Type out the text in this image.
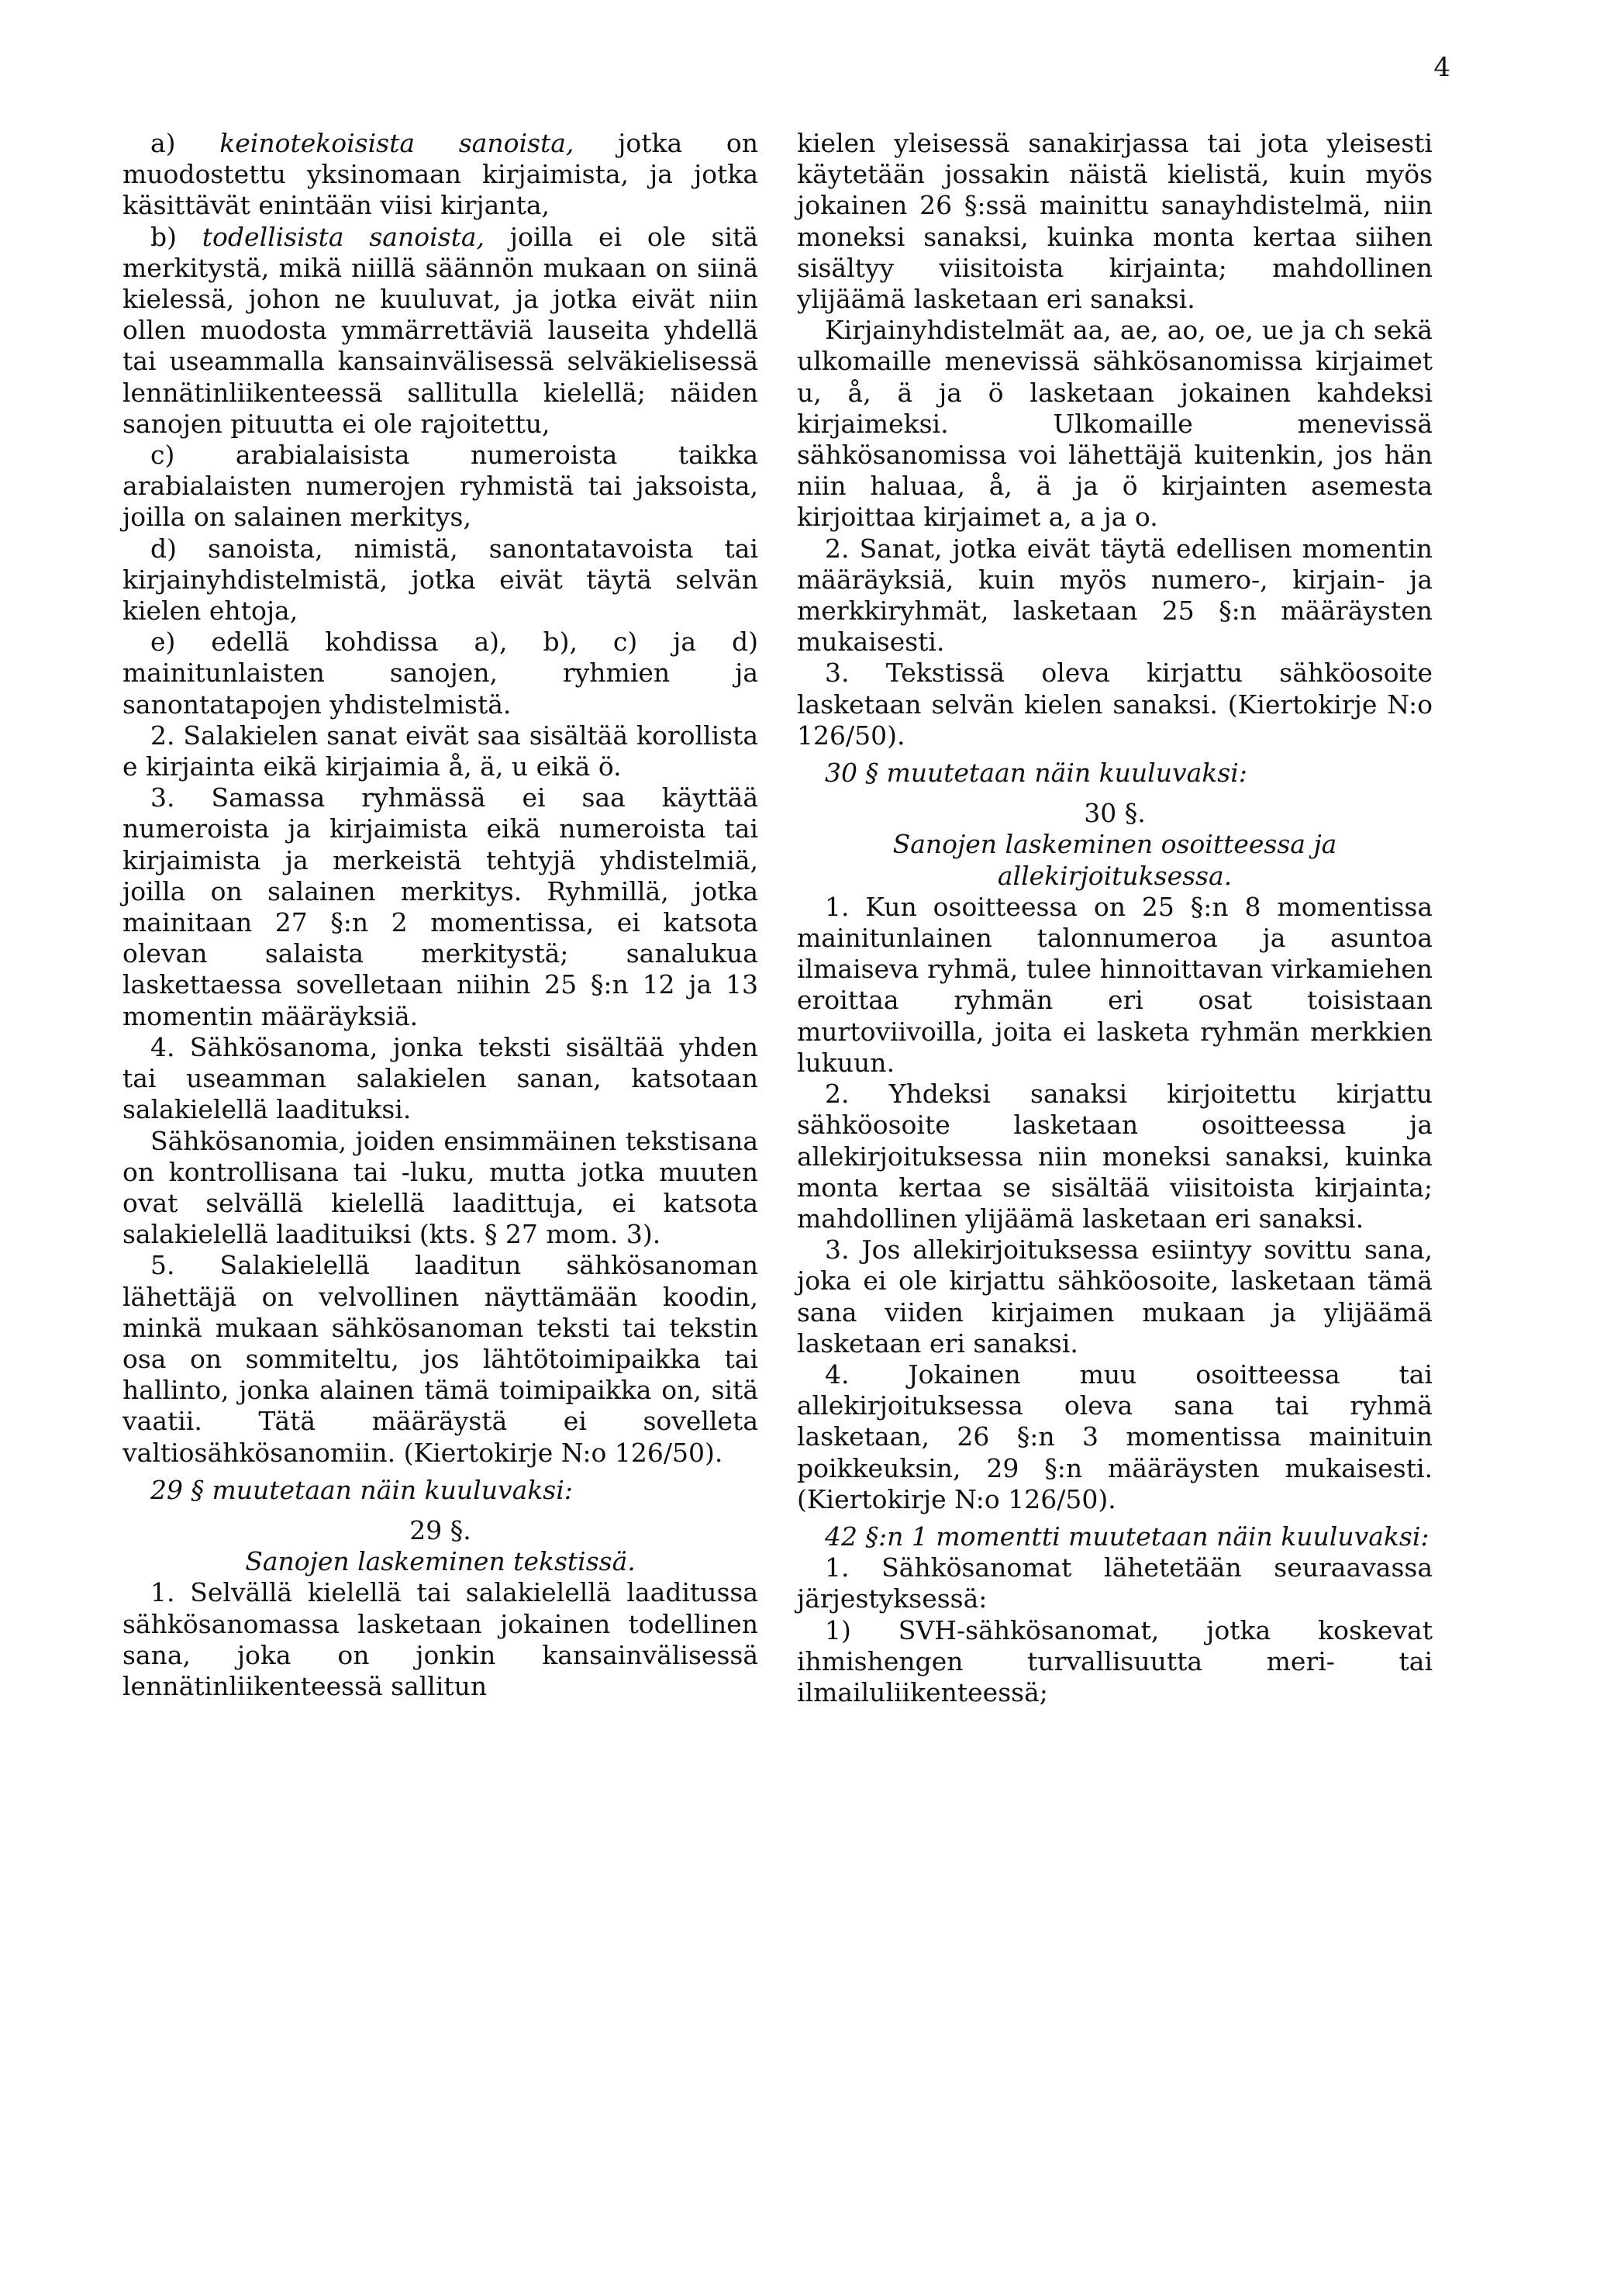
4

a) keinotekoisista sanoista, jotka on muodostettu yksinomaan kirjaimista, ja jotka käsittävät enintään viisi kirjanta,

b) todellisista sanoista, joilla ei ole sitä merkitystä, mikä niillä säännön mukaan on siinä kielessä, johon ne kuuluvat, ja jotka eivät niin ollen muodosta ymmärrettäviä lauseita yhdellä tai useammalla kansainvälisessä selväkielisessä lennätinliikenteessä sallitulla kielellä; näiden sanojen pituutta ei ole rajoitettu,

c) arabialaisista numeroista taikka arabialaisten numerojen ryhmistä tai jaksoista, joilla on salainen merkitys,

d) sanoista, nimistä, sanontatavoista tai kirjainyhdistelmistä, jotka eivät täytä selvän kielen ehtoja,

e) edellä kohdissa a), b), c) ja d) mainitunlaisten sanojen, ryhmien ja sanontatapojen yhdistelmistä.

2. Salakielen sanat eivät saa sisältää korollista e kirjainta eikä kirjaimia å, ä, u eikä ö.

3. Samassa ryhmässä ei saa käyttää numeroista ja kirjaimista eikä numeroista tai kirjaimista ja merkeistä tehtyjä yhdistelmiä, joilla on salainen merkitys. Ryhmillä, jotka mainitaan 27 §:n 2 momentissa, ei katsota olevan salaista merkitystä; sanalukua laskettaessa sovelletaan niihin 25 §:n 12 ja 13 momentin määräyksiä.

4. Sähkösanoma, jonka teksti sisältää yhden tai useamman salakielen sanan, katsotaan salakielellä laadituksi.

Sähkösanomia, joiden ensimmäinen tekstisana on kontrollisana tai -luku, mutta jotka muuten ovat selvällä kielellä laadittuja, ei katsota salakielellä laadituiksi (kts. § 27 mom. 3).

5. Salakielellä laaditun sähkösanoman lähettäjä on velvollinen näyttämään koodin, minkä mukaan sähkösanoman teksti tai tekstin osa on sommiteltu, jos lähtötoimipaikka tai hallinto, jonka alainen tämä toimipaikka on, sitä vaatii. Tätä määräystä ei sovelleta valtiosähkösanomiin. (Kiertokirje N:o 126/50).

29 § muutetaan näin kuuluvaksi:

29 §.

Sanojen laskeminen tekstissä.

1. Selvällä kielellä tai salakielellä laaditussa sähkösanomassa lasketaan jokainen todellinen sana, joka on jonkin kansainvälisessä lennätinliikenteessä sallitun

kielen yleisessä sanakirjassa tai jota yleisesti käytetään jossakin näistä kielistä, kuin myös jokainen 26 §:ssä mainittu sanayhdistelmä, niin moneksi sanaksi, kuinka monta kertaa siihen sisältyy viisitoista kirjainta; mahdollinen ylijäämä lasketaan eri sanaksi.

Kirjainyhdistelmät aa, ae, ao, oe, ue ja ch sekä ulkomaille menevissä sähkösanomissa kirjaimet u, å, ä ja ö lasketaan jokainen kahdeksi kirjaimeksi. Ulkomaille menevissä sähkösanomissa voi lähettäjä kuitenkin, jos hän niin haluaa, å, ä ja ö kirjainten asemesta kirjoittaa kirjaimet a, a ja o.

2. Sanat, jotka eivät täytä edellisen momentin määräyksiä, kuin myös numero-, kirjain- ja merkkiryhmät, lasketaan 25 §:n määräysten mukaisesti.

3. Tekstissä oleva kirjattu sähköosoite lasketaan selvän kielen sanaksi. (Kiertokirje N:o 126/50).

30 § muutetaan näin kuuluvaksi:

30 §.

Sanojen laskeminen osoitteessa ja allekirjoituksessa.

1. Kun osoitteessa on 25 §:n 8 momentissa mainitunlainen talonnumeroa ja asuntoa ilmaiseva ryhmä, tulee hinnoittavan virkamiehen eroittaa ryhmän eri osat toisistaan murtoviivoilla, joita ei lasketa ryhmän merkkien lukuun.

2. Yhdeksi sanaksi kirjoitettu kirjattu sähköosoite lasketaan osoitteessa ja allekirjoituksessa niin moneksi sanaksi, kuinka monta kertaa se sisältää viisitoista kirjainta; mahdollinen ylijäämä lasketaan eri sanaksi.

3. Jos allekirjoituksessa esiintyy sovittu sana, joka ei ole kirjattu sähköosoite, lasketaan tämä sana viiden kirjaimen mukaan ja ylijäämä lasketaan eri sanaksi.

4. Jokainen muu osoitteessa tai allekirjoituksessa oleva sana tai ryhmä lasketaan, 26 §:n 3 momentissa mainituin poikkeuksin, 29 §:n määräysten mukaisesti. (Kiertokirje N:o 126/50).

42 §:n 1 momentti muutetaan näin kuuluvaksi:

1. Sähkösanomat lähetetään seuraavassa järjestyksessä:

1) SVH-sähkösanomat, jotka koskevat ihmishengen turvallisuutta meri- tai ilmailuliikenteessä;
